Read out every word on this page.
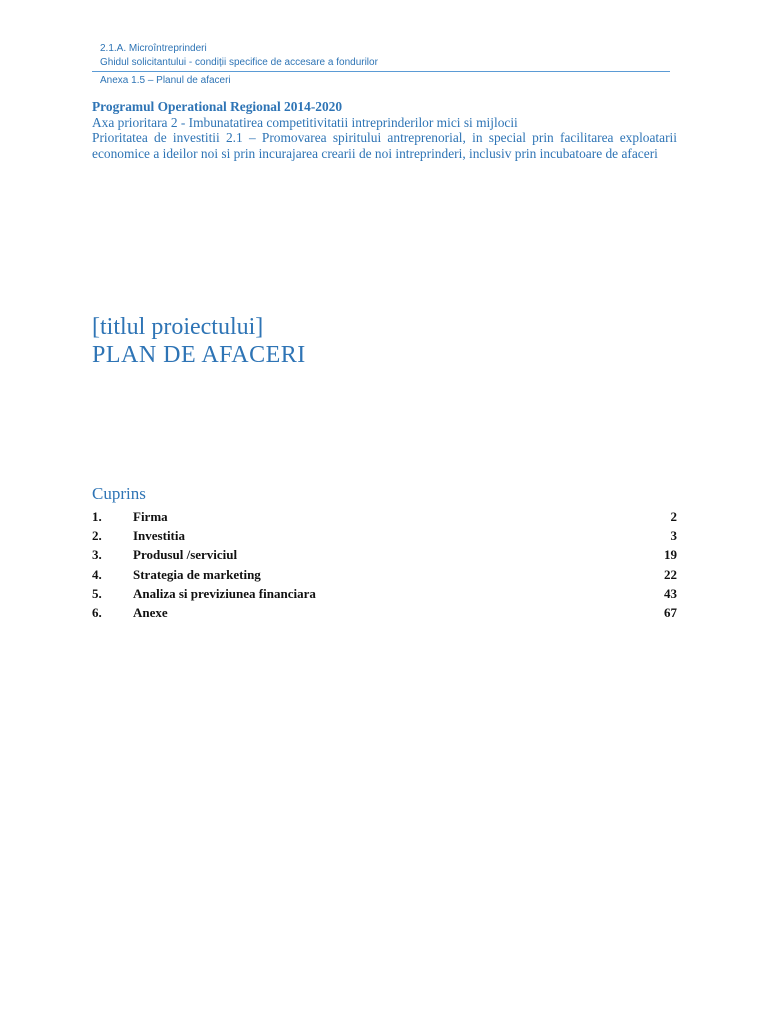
2.1.A. Microîntreprinderi
Ghidul solicitantului - condiții specifice de accesare a fondurilor
Anexa 1.5 – Planul de afaceri
Programul Operational Regional 2014-2020
Axa prioritara 2 - Imbunatatirea competitivitatii intreprinderilor mici si mijlocii
Prioritatea de investitii 2.1 – Promovarea spiritului antreprenorial, in special prin facilitarea exploatarii economice a ideilor noi si prin incurajarea crearii de noi intreprinderi, inclusiv prin incubatoare de afaceri
[titlul proiectului]
PLAN DE AFACERI
Cuprins
1. Firma	2
2. Investitia	3
3. Produsul /serviciul	19
4. Strategia de marketing	22
5. Analiza si previziunea financiara	43
6. Anexe	67
